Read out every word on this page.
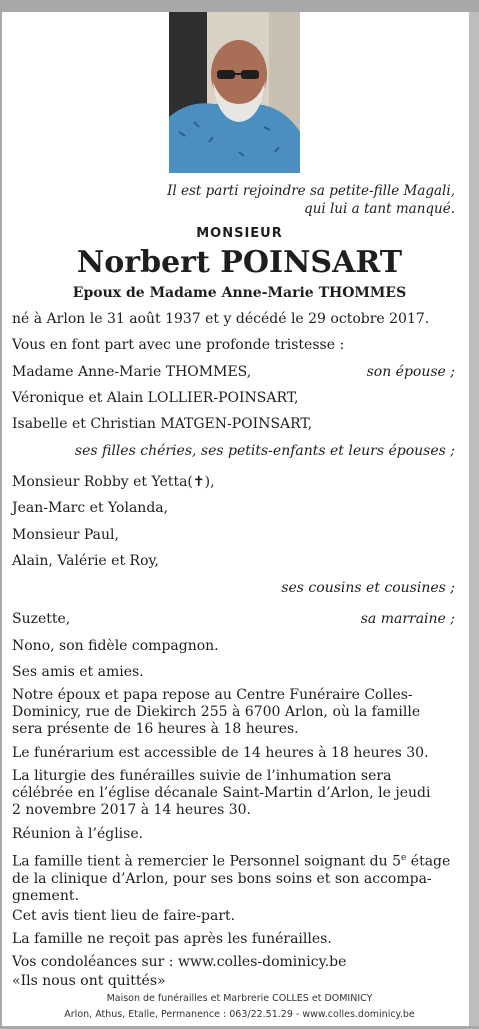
Il est parti rejoindre sa petite-fille Magali,
qui lui a tant manqué.
MONSIEUR
Norbert POINSART
Epoux de Madame Anne-Marie THOMMES
né à Arlon le 31 août 1937 et y décédé le 29 octobre 2017.
Vous en font part avec une profonde tristesse :
Madame Anne-Marie THOMMES,	son épouse ;
Véronique et Alain LOLLIER-POINSART,
Isabelle et Christian MATGEN-POINSART,
ses filles chéries, ses petits-enfants et leurs épouses ;
Monsieur Robby et Yetta(✝),
Jean-Marc et Yolanda,
Monsieur Paul,
Alain, Valérie et Roy,
ses cousins et cousines ;
Suzette,	sa marraine ;
Nono, son fidèle compagnon.
Ses amis et amies.
Notre époux et papa repose au Centre Funéraire Colles-
Dominicy, rue de Diekirch 255 à 6700 Arlon, où la famille
sera présente de 16 heures à 18 heures.
Le funérarium est accessible de 14 heures à 18 heures 30.
La liturgie des funérailles suivie de l’inhumation sera
célébrée en l’église décanale Saint-Martin d’Arlon, le jeudi
2 novembre 2017 à 14 heures 30.
Réunion à l’église.
La famille tient à remercier le Personnel soignant du 5e étage
de la clinique d’Arlon, pour ses bons soins et son accompa-
gnement.
Cet avis tient lieu de faire-part.
La famille ne reçoit pas après les funérailles.
Vos condoléances sur : www.colles-dominicy.be
«Ils nous ont quittés»
Maison de funérailles et Marbrerie COLLES et DOMINICY
Arlon, Athus, Etalle, Permanence : 063/22.51.29 - www.colles.dominicy.be
